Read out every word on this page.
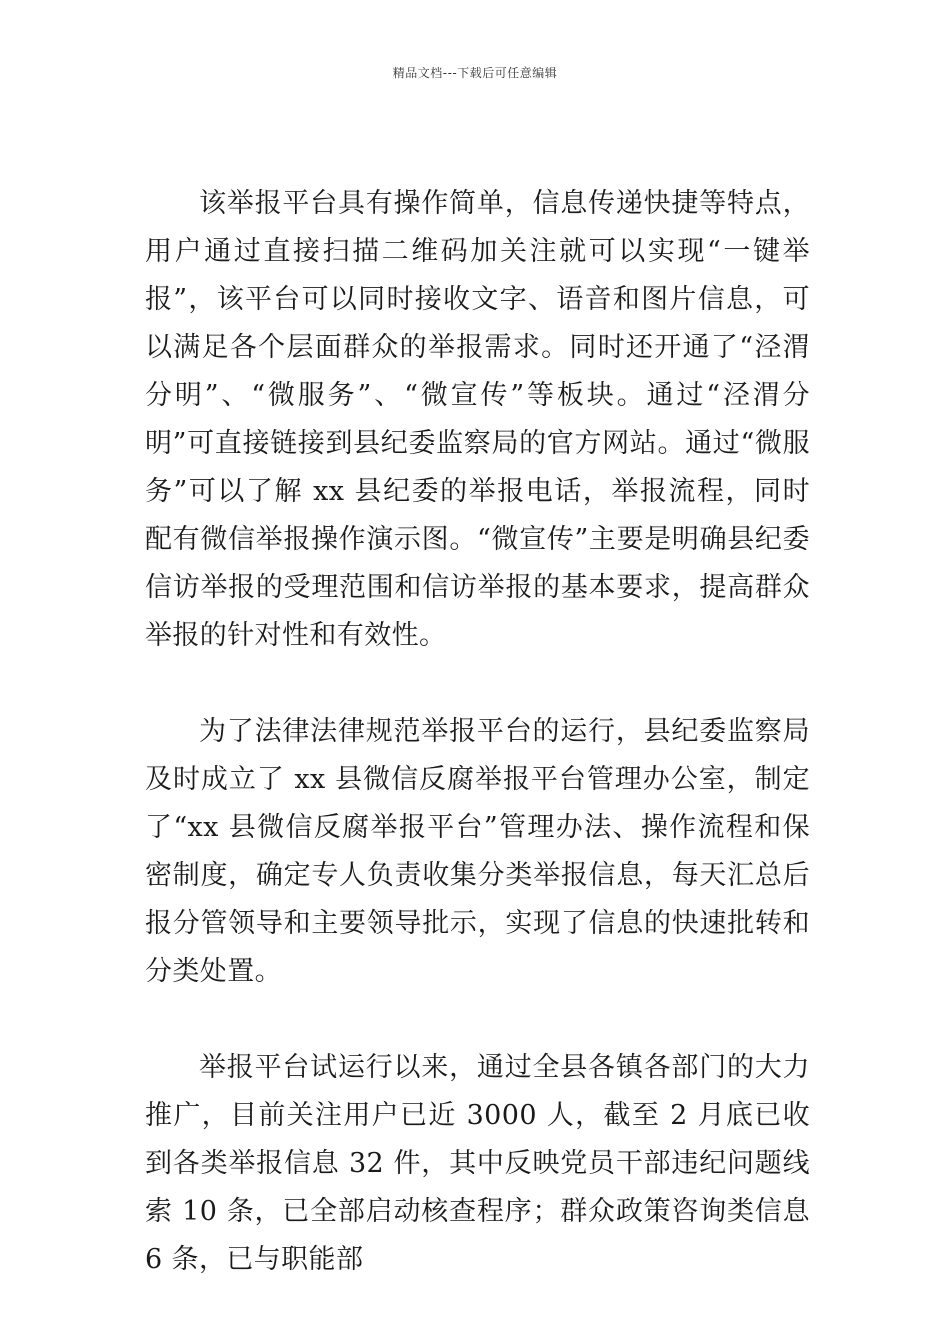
精品文档---下载后可任意编辑

该举报平台具有操作简单，信息传递快捷等特点，用户通过直接扫描二维码加关注就可以实现“一键举报”，该平台可以同时接收文字、语音和图片信息，可以满足各个层面群众的举报需求。同时还开通了“泾渭分明”、“微服务”、“微宣传”等板块。通过“泾渭分明”可直接链接到县纪委监察局的官方网站。通过“微服务”可以了解 xx 县纪委的举报电话，举报流程，同时配有微信举报操作演示图。“微宣传”主要是明确县纪委信访举报的受理范围和信访举报的基本要求，提高群众举报的针对性和有效性。

为了法律法律规范举报平台的运行，县纪委监察局及时成立了 xx 县微信反腐举报平台管理办公室，制定了“xx 县微信反腐举报平台”管理办法、操作流程和保密制度，确定专人负责收集分类举报信息，每天汇总后报分管领导和主要领导批示，实现了信息的快速批转和分类处置。

举报平台试运行以来，通过全县各镇各部门的大力推广，目前关注用户已近 3000 人，截至 2 月底已收到各类举报信息 32 件，其中反映党员干部违纪问题线索 10 条，已全部启动核查程序；群众政策咨询类信息 6 条，已与职能部
